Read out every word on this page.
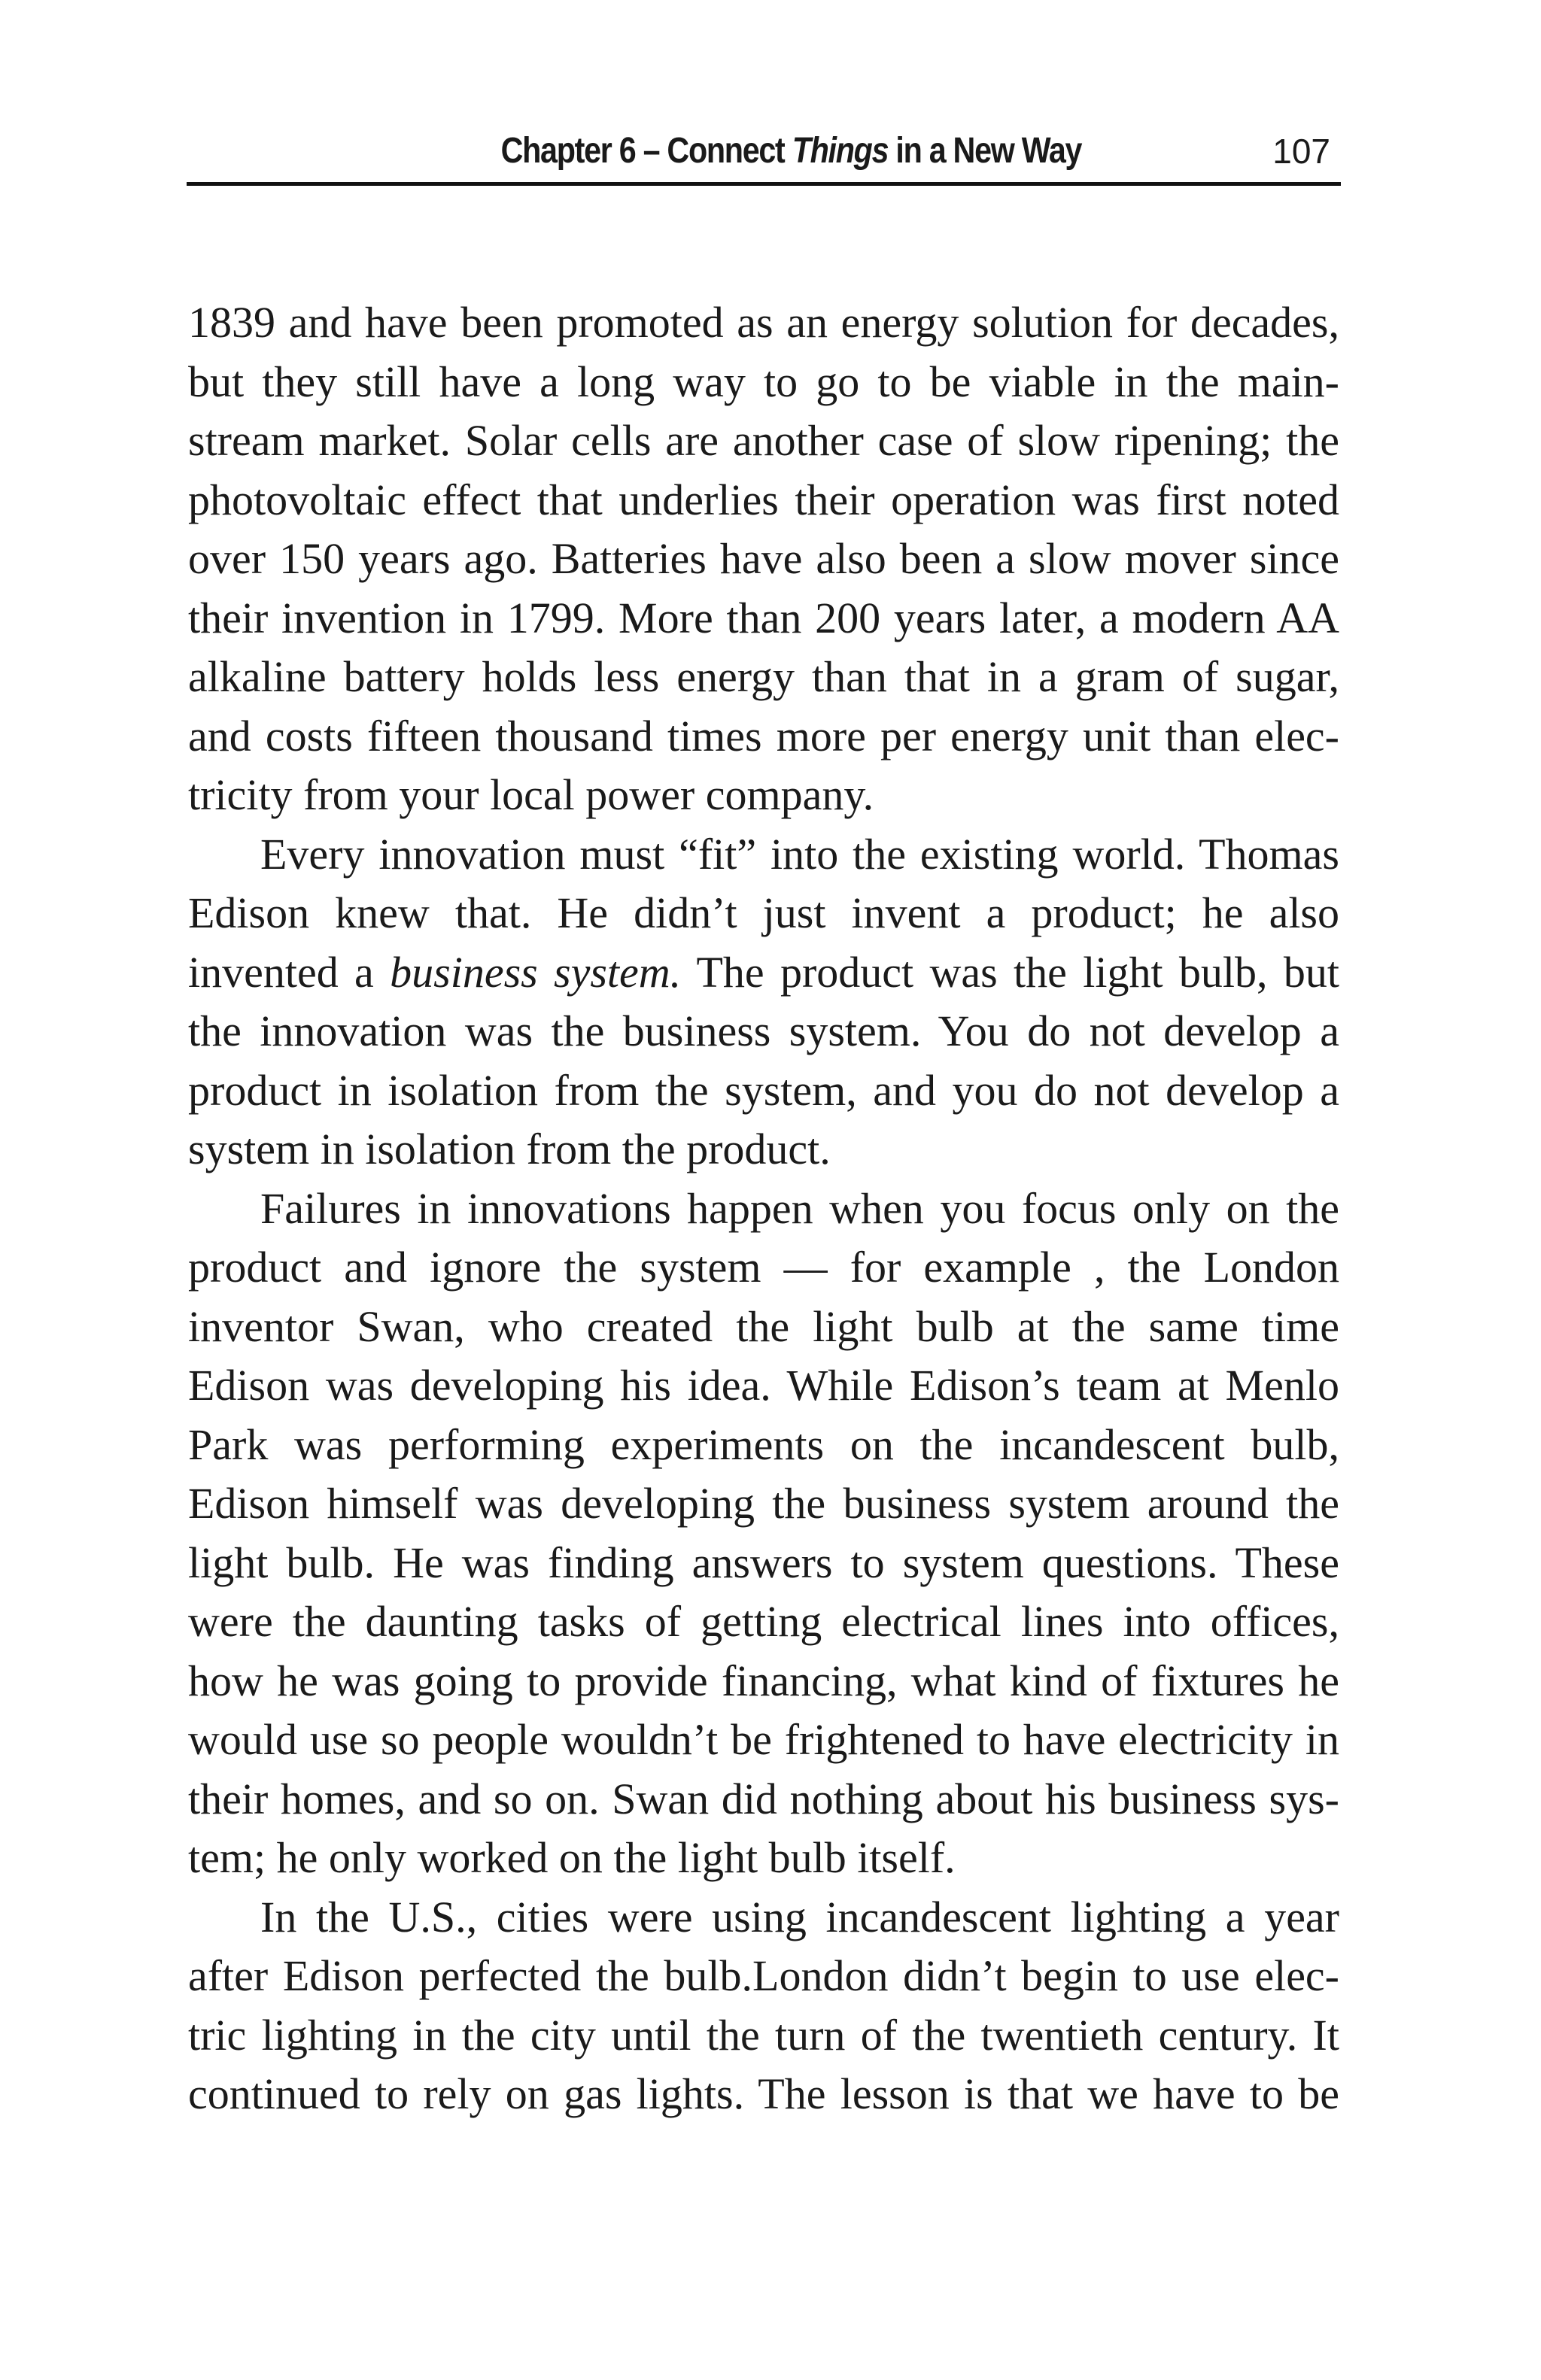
Chapter 6 – Connect Things in a New Way	107
1839 and have been promoted as an energy solution for decades,
but they still have a long way to go to be viable in the main-
stream market. Solar cells are another case of slow ripening; the
photovoltaic effect that underlies their operation was first noted
over 150 years ago. Batteries have also been a slow mover since
their invention in 1799. More than 200 years later, a modern AA
alkaline battery holds less energy than that in a gram of sugar,
and costs fifteen thousand times more per energy unit than elec-
tricity from your local power company.
Every innovation must “fit” into the existing world. Thomas
Edison knew that. He didn’t just invent a product; he also
invented a business system. The product was the light bulb, but
the innovation was the business system. You do not develop a
product in isolation from the system, and you do not develop a
system in isolation from the product.
Failures in innovations happen when you focus only on the
product and ignore the system — for example , the London
inventor Swan, who created the light bulb at the same time
Edison was developing his idea. While Edison’s team at Menlo
Park was performing experiments on the incandescent bulb,
Edison himself was developing the business system around the
light bulb. He was finding answers to system questions. These
were the daunting tasks of getting electrical lines into offices,
how he was going to provide financing, what kind of fixtures he
would use so people wouldn’t be frightened to have electricity in
their homes, and so on. Swan did nothing about his business sys-
tem; he only worked on the light bulb itself.
In the U.S., cities were using incandescent lighting a year
after Edison perfected the bulb.London didn’t begin to use elec-
tric lighting in the city until the turn of the twentieth century. It
continued to rely on gas lights. The lesson is that we have to be
